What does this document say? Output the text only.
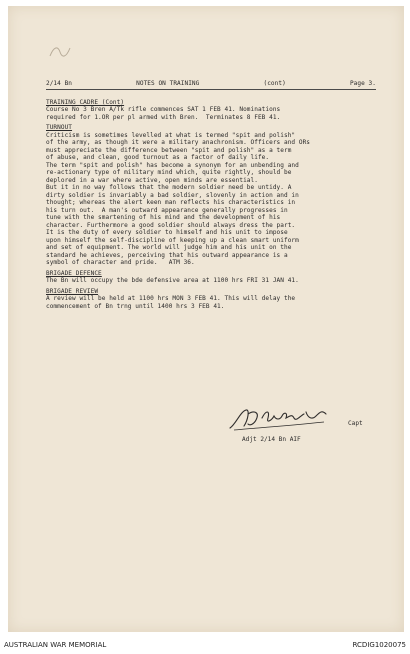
2/14 Bn	NOTES ON TRAINING	(cont)	Page 3.
TRAINING CADRE (Cont)
Course No 3 Bren A/Tk rifle commences SAT 1 FEB 41. Nominations
required for 1.OR per pl armed with Bren.  Terminates 8 FEB 41.
TURNOUT
Criticism is sometimes levelled at what is termed "spit and polish"
of the army, as though it were a military anachronism. Officers and ORs
must appreciate the difference between "spit and polish" as a term
of abuse, and clean, good turnout as a factor of daily life.
The term "spit and polish" has become a synonym for an unbending and
re-actionary type of military mind which, quite rightly, should be
deplored in a war where active, open minds are essential.
But it in no way follows that the modern soldier need be untidy. A
dirty soldier is invariably a bad soldier, slovenly in action and in
thought; whereas the alert keen man reflects his characteristics in
his turn out.  A man's outward appearance generally progresses in
tune with the smartening of his mind and the development of his
character. Furthermore a good soldier should always dress the part.
It is the duty of every soldier to himself and his unit to impose
upon himself the self-discipline of keeping up a clean smart uniform
and set of equipment. The world will judge him and his unit on the
standard he achieves, perceiving that his outward appearance is a
symbol of character and pride.   ATM 36.
BRIGADE DEFENCE
The Bn will occupy the bde defensive area at 1100 hrs FRI 31 JAN 41.
BRIGADE REVIEW
A review will be held at 1100 hrs MON 3 FEB 41. This will delay the
commencement of Bn trng until 1400 hrs 3 FEB 41.
Capt
Adjt 2/14 Bn AIF
AUSTRALIAN WAR MEMORIAL	RCDIG1020075
